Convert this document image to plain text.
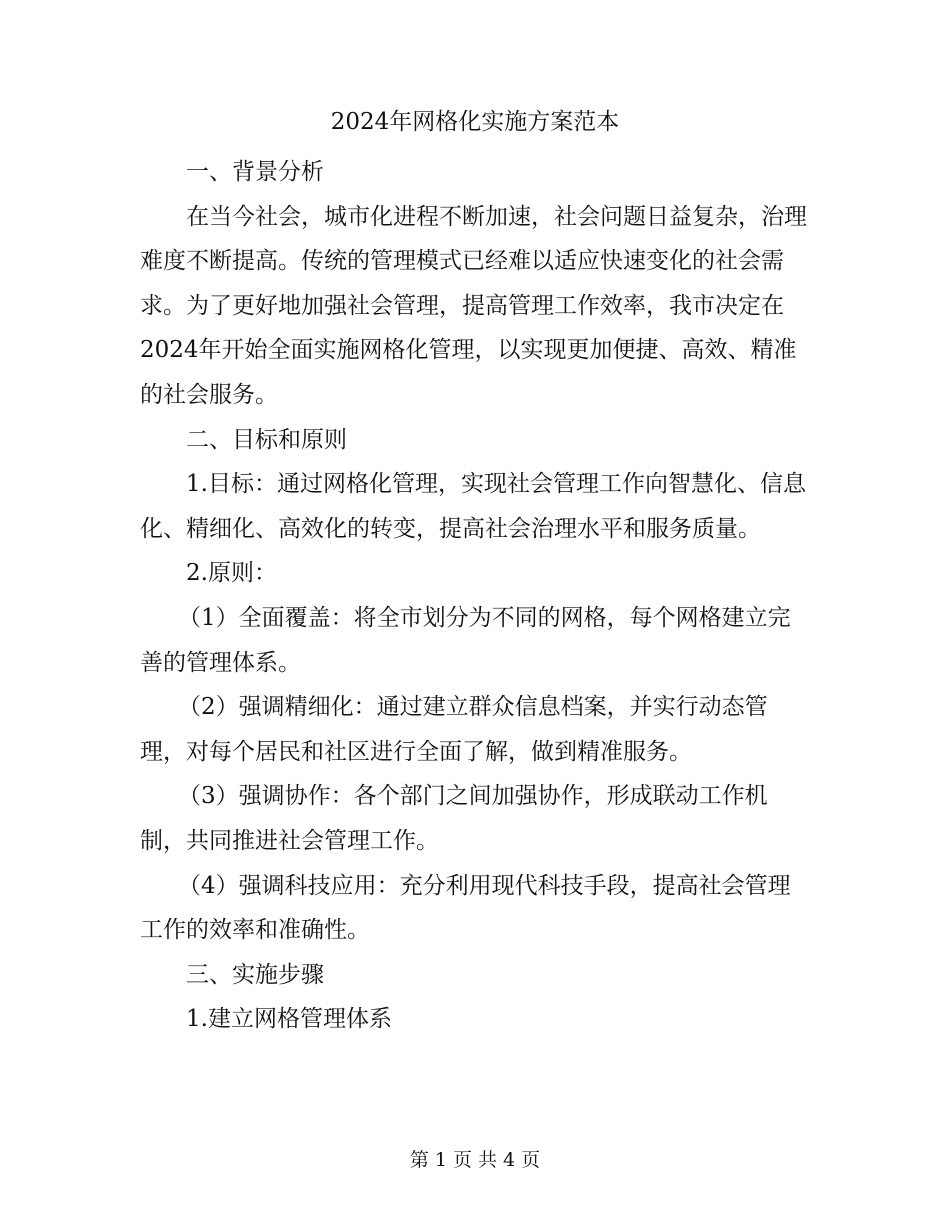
2024年网格化实施方案范本

一、背景分析

在当今社会，城市化进程不断加速，社会问题日益复杂，治理难度不断提高。传统的管理模式已经难以适应快速变化的社会需求。为了更好地加强社会管理，提高管理工作效率，我市决定在2024年开始全面实施网格化管理，以实现更加便捷、高效、精准的社会服务。

二、目标和原则

1.目标：通过网格化管理，实现社会管理工作向智慧化、信息化、精细化、高效化的转变，提高社会治理水平和服务质量。

2.原则：

（1）全面覆盖：将全市划分为不同的网格，每个网格建立完善的管理体系。

（2）强调精细化：通过建立群众信息档案，并实行动态管理，对每个居民和社区进行全面了解，做到精准服务。

（3）强调协作：各个部门之间加强协作，形成联动工作机制，共同推进社会管理工作。

（4）强调科技应用：充分利用现代科技手段，提高社会管理工作的效率和准确性。

三、实施步骤

1.建立网格管理体系

第 1 页 共 4 页
